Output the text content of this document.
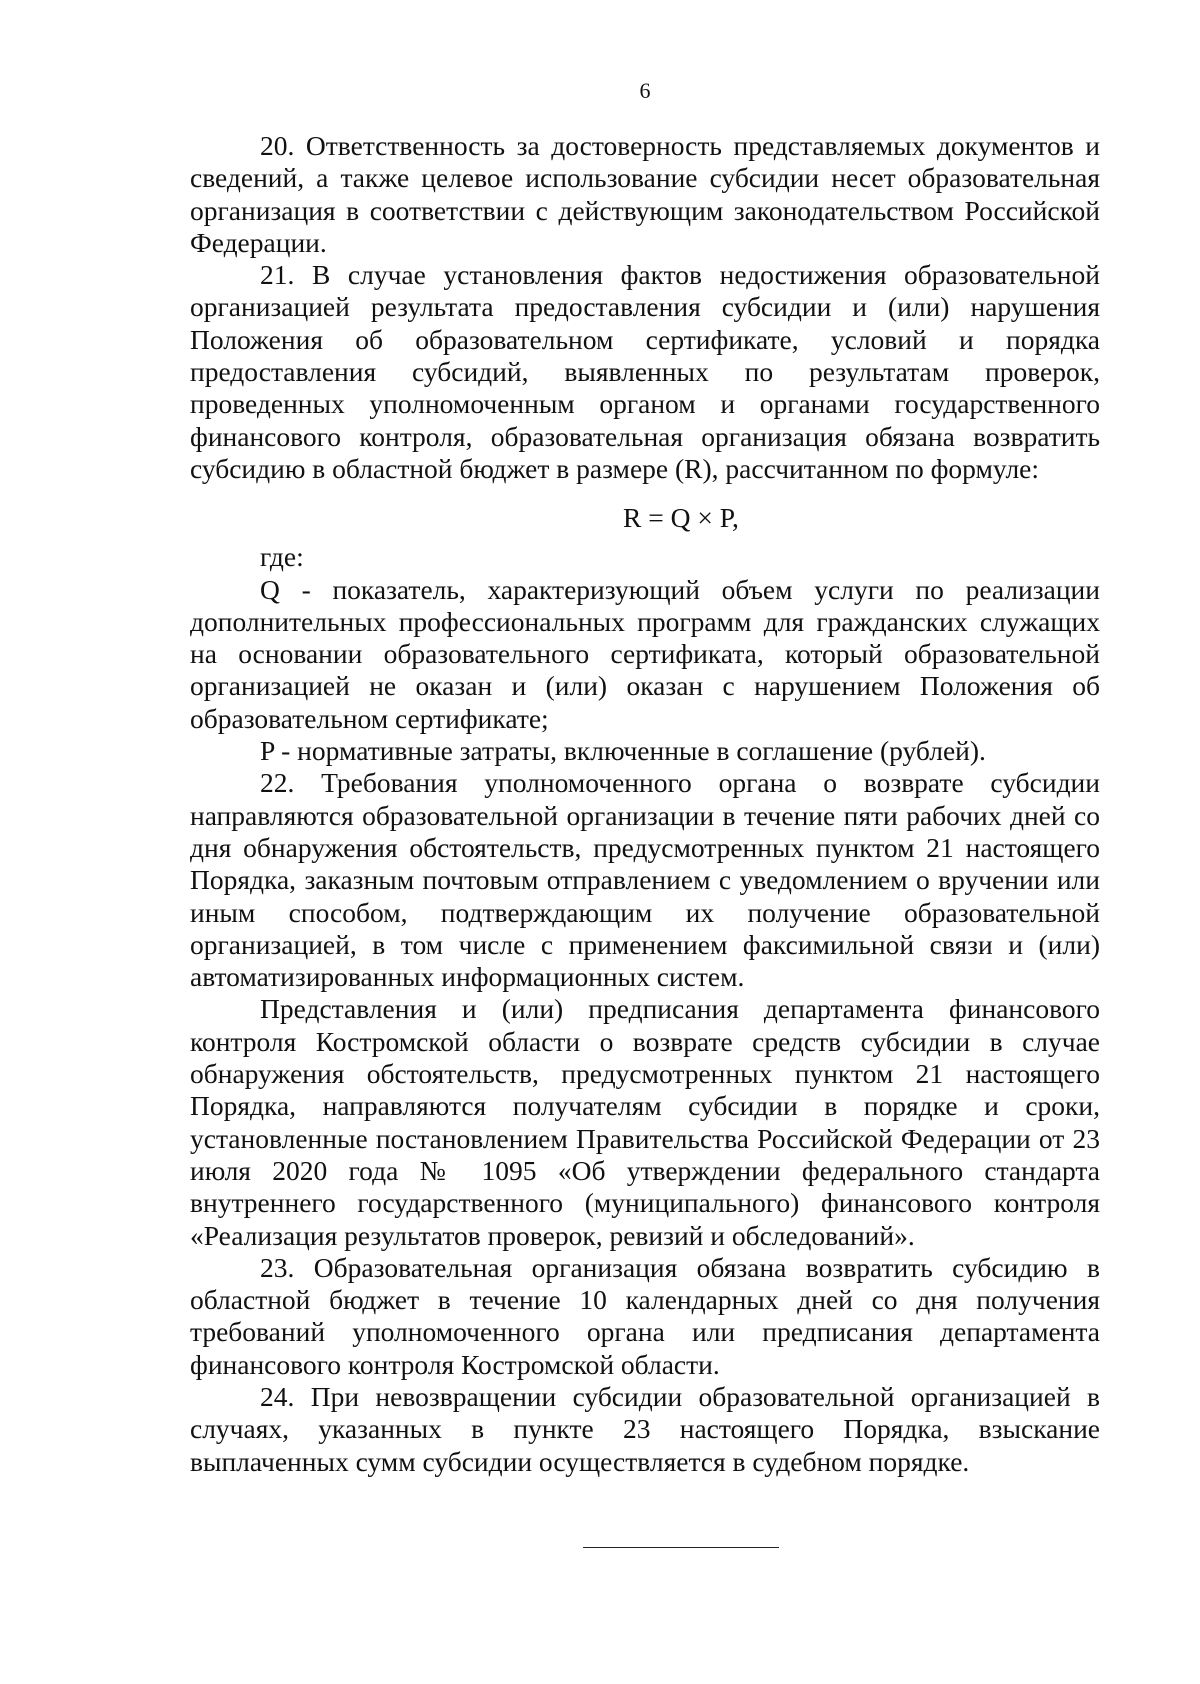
6

20. Ответственность за достоверность представляемых документов и сведений, а также целевое использование субсидии несет образовательная организация в соответствии с действующим законодательством Российской Федерации.

21. В случае установления фактов недостижения образовательной организацией результата предоставления субсидии и (или) нарушения Положения об образовательном сертификате, условий и порядка предоставления субсидий, выявленных по результатам проверок, проведенных уполномоченным органом и органами государственного финансового контроля, образовательная организация обязана возвратить субсидию в областной бюджет в размере (R), рассчитанном по формуле:

R = Q × P,

где:

Q - показатель, характеризующий объем услуги по реализации дополнительных профессиональных программ для гражданских служащих на основании образовательного сертификата, который образовательной организацией не оказан и (или) оказан с нарушением Положения об образовательном сертификате;

P - нормативные затраты, включенные в соглашение (рублей).

22. Требования уполномоченного органа о возврате субсидии направляются образовательной организации в течение пяти рабочих дней со дня обнаружения обстоятельств, предусмотренных пунктом 21 настоящего Порядка, заказным почтовым отправлением с уведомлением о вручении или иным способом, подтверждающим их получение образовательной организацией, в том числе с применением факсимильной связи и (или) автоматизированных информационных систем.

Представления и (или) предписания департамента финансового контроля Костромской области о возврате средств субсидии в случае обнаружения обстоятельств, предусмотренных пунктом 21 настоящего Порядка, направляются получателям субсидии в порядке и сроки, установленные постановлением Правительства Российской Федерации от 23 июля 2020 года № 1095 «Об утверждении федерального стандарта внутреннего государственного (муниципального) финансового контроля «Реализация результатов проверок, ревизий и обследований».

23. Образовательная организация обязана возвратить субсидию в областной бюджет в течение 10 календарных дней со дня получения требований уполномоченного органа или предписания департамента финансового контроля Костромской области.

24. При невозвращении субсидии образовательной организацией в случаях, указанных в пункте 23 настоящего Порядка, взыскание выплаченных сумм субсидии осуществляется в судебном порядке.
